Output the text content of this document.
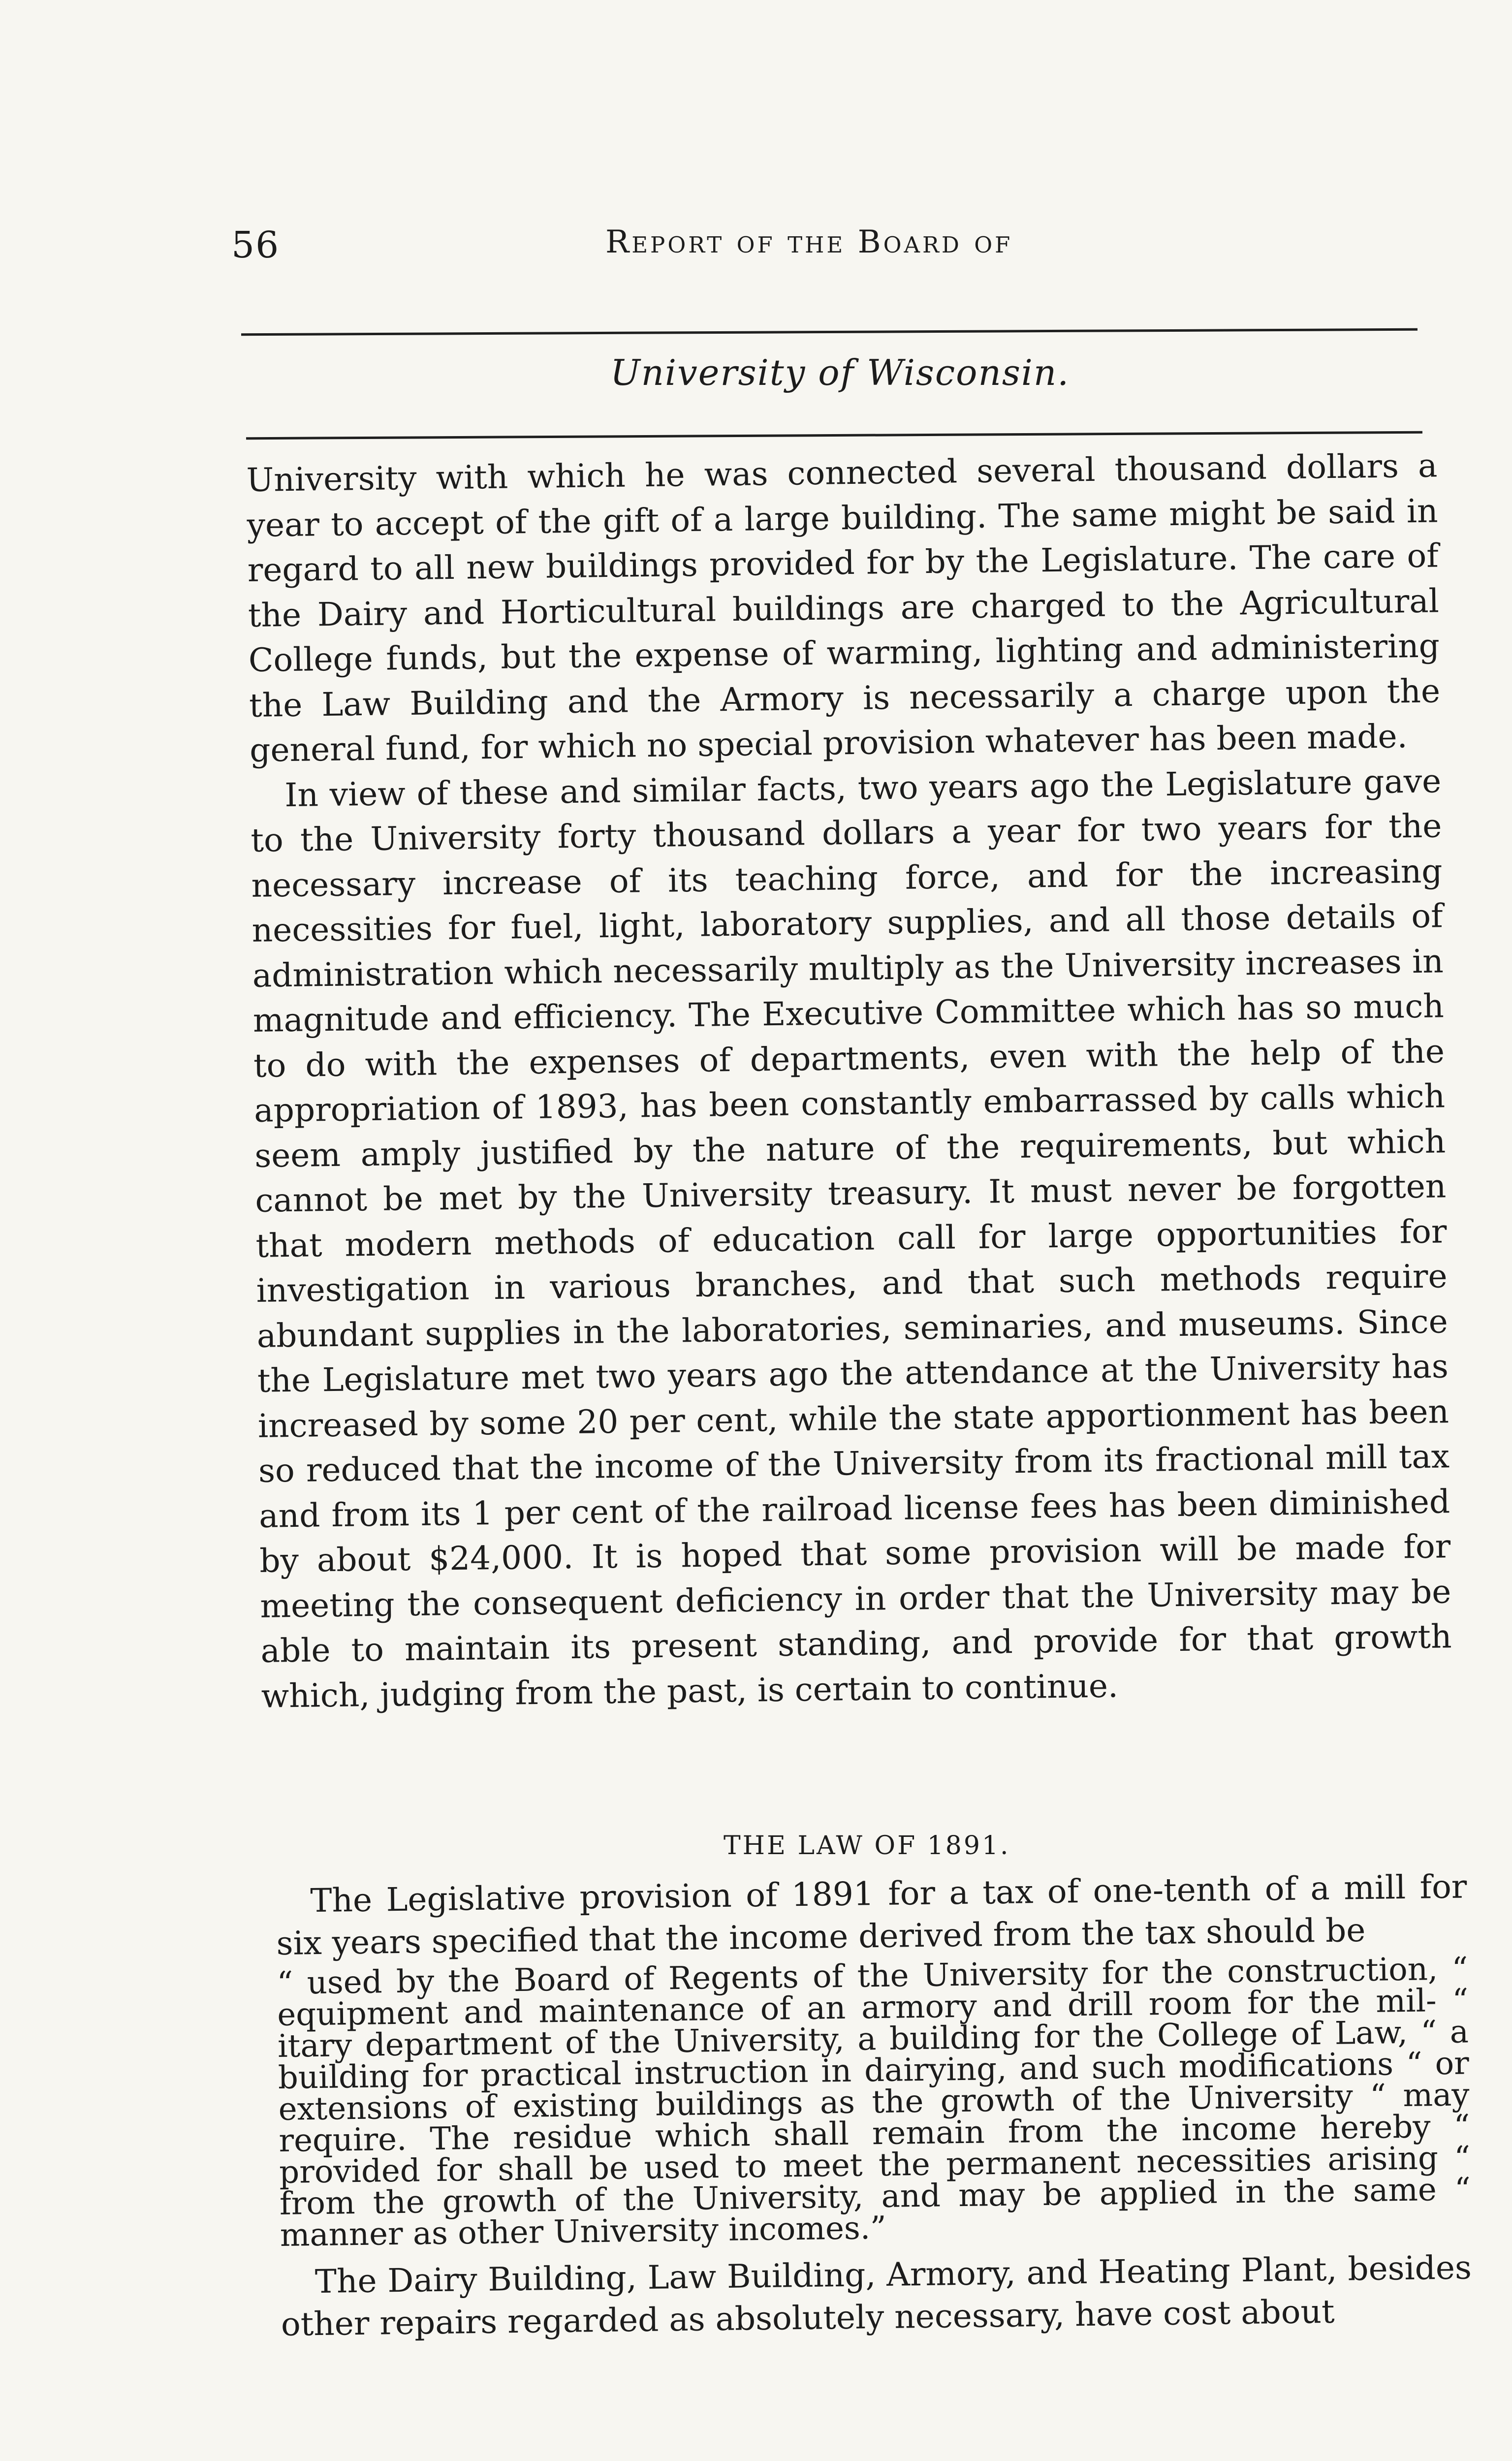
56	Report of the Board of
University of Wisconsin.

University with which he was connected several thousand dollars a year to accept of the gift of a large building. The same might be said in regard to all new buildings provided for by the Legislature. The care of the Dairy and Horticultural buildings are charged to the Agricultural College funds, but the expense of warming, lighting and administering the Law Building and the Armory is necessarily a charge upon the general fund, for which no special provision whatever has been made.

In view of these and similar facts, two years ago the Legislature gave to the University forty thousand dollars a year for two years for the necessary increase of its teaching force, and for the increasing necessities for fuel, light, laboratory supplies, and all those details of administration which necessarily multiply as the University increases in magnitude and efficiency. The Executive Committee which has so much to do with the expenses of departments, even with the help of the appropriation of 1893, has been constantly embarrassed by calls which seem amply justified by the nature of the requirements, but which cannot be met by the University treasury. It must never be forgotten that modern methods of education call for large opportunities for investigation in various branches, and that such methods require abundant supplies in the laboratories, seminaries, and museums. Since the Legislature met two years ago the attendance at the University has increased by some 20 per cent, while the state apportionment has been so reduced that the income of the University from its fractional mill tax and from its 1 per cent of the railroad license fees has been diminished by about $24,000. It is hoped that some provision will be made for meeting the consequent deficiency in order that the University may be able to maintain its present standing, and provide for that growth which, judging from the past, is certain to continue.

THE LAW OF 1891.

The Legislative provision of 1891 for a tax of one-tenth of a mill for six years specified that the income derived from the tax should be

“ used by the Board of Regents of the University for the construction, “ equipment and maintenance of an armory and drill room for the mil- “ itary department of the University, a building for the College of Law, “ a building for practical instruction in dairying, and such modifications “ or extensions of existing buildings as the growth of the University “ may require. The residue which shall remain from the income hereby “ provided for shall be used to meet the permanent necessities arising “ from the growth of the University, and may be applied in the same “ manner as other University incomes.”

The Dairy Building, Law Building, Armory, and Heating Plant, besides other repairs regarded as absolutely necessary, have cost about
